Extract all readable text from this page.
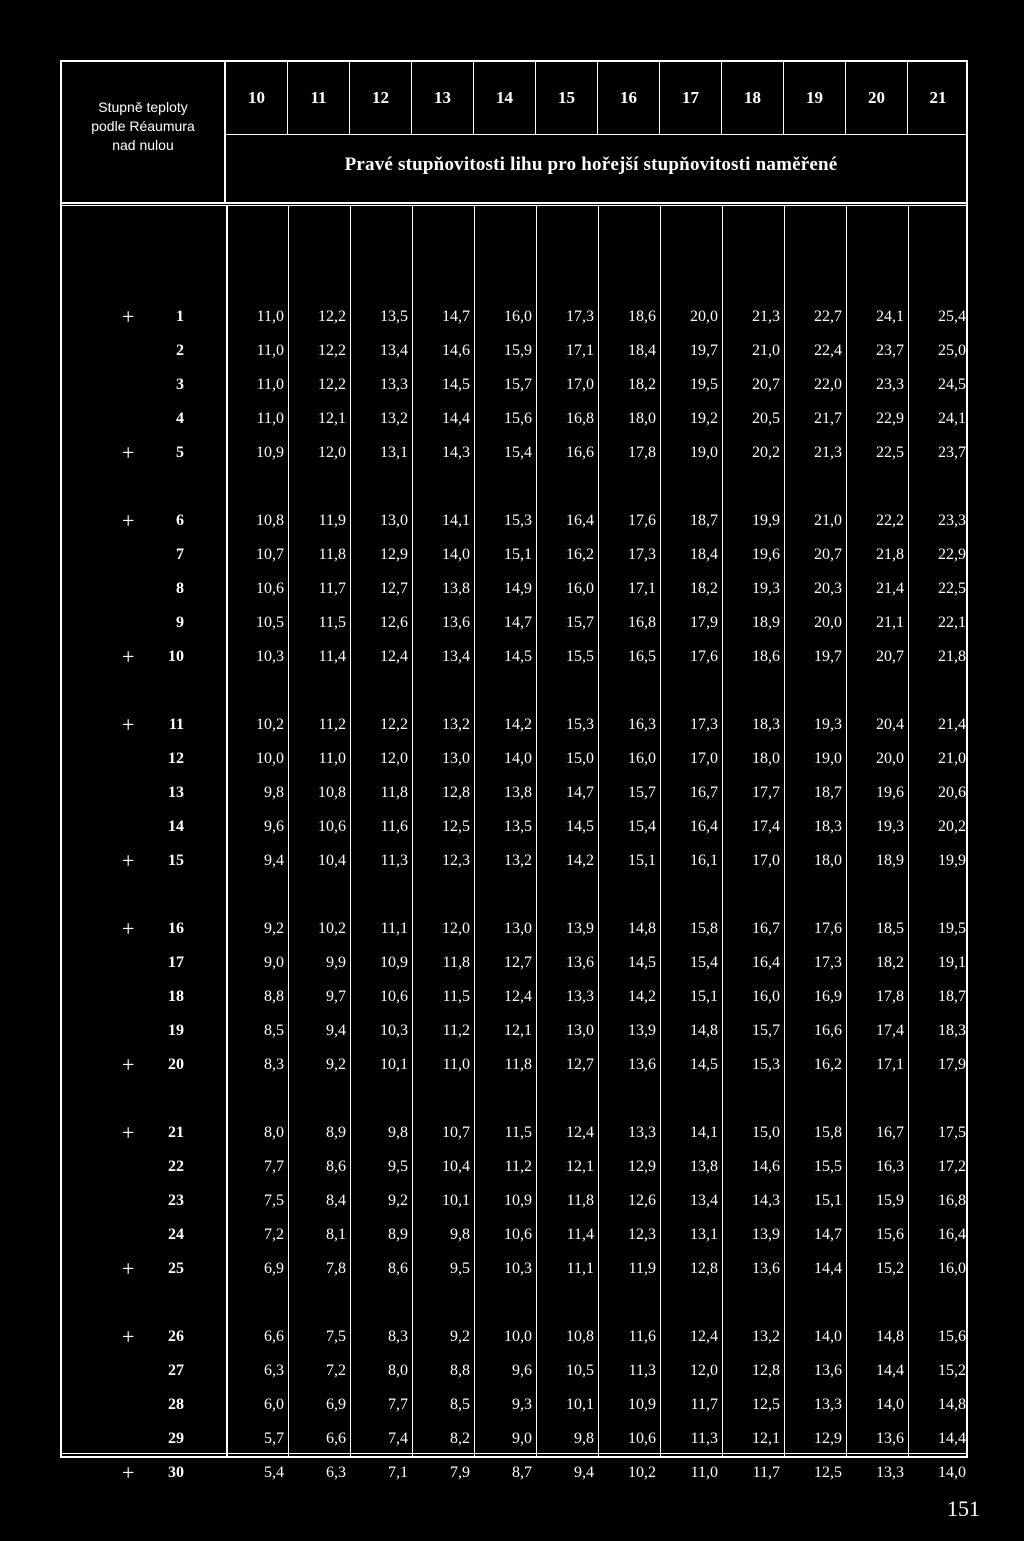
Stupně teploty
podle Réaumura
nad nulou
10	11	12	13	14	15	16	17	18	19	20	21
Pravé stupňovitosti lihu pro hořejší stupňovitosti naměřené
+	1	11,0	12,2	13,5	14,7	16,0	17,3	18,6	20,0	21,3	22,7	24,1	25,4
2	11,0	12,2	13,4	14,6	15,9	17,1	18,4	19,7	21,0	22,4	23,7	25,0
3	11,0	12,2	13,3	14,5	15,7	17,0	18,2	19,5	20,7	22,0	23,3	24,5
4	11,0	12,1	13,2	14,4	15,6	16,8	18,0	19,2	20,5	21,7	22,9	24,1
+	5	10,9	12,0	13,1	14,3	15,4	16,6	17,8	19,0	20,2	21,3	22,5	23,7
+	6	10,8	11,9	13,0	14,1	15,3	16,4	17,6	18,7	19,9	21,0	22,2	23,3
7	10,7	11,8	12,9	14,0	15,1	16,2	17,3	18,4	19,6	20,7	21,8	22,9
8	10,6	11,7	12,7	13,8	14,9	16,0	17,1	18,2	19,3	20,3	21,4	22,5
9	10,5	11,5	12,6	13,6	14,7	15,7	16,8	17,9	18,9	20,0	21,1	22,1
+	10	10,3	11,4	12,4	13,4	14,5	15,5	16,5	17,6	18,6	19,7	20,7	21,8
+	11	10,2	11,2	12,2	13,2	14,2	15,3	16,3	17,3	18,3	19,3	20,4	21,4
12	10,0	11,0	12,0	13,0	14,0	15,0	16,0	17,0	18,0	19,0	20,0	21,0
13	9,8	10,8	11,8	12,8	13,8	14,7	15,7	16,7	17,7	18,7	19,6	20,6
14	9,6	10,6	11,6	12,5	13,5	14,5	15,4	16,4	17,4	18,3	19,3	20,2
+	15	9,4	10,4	11,3	12,3	13,2	14,2	15,1	16,1	17,0	18,0	18,9	19,9
+	16	9,2	10,2	11,1	12,0	13,0	13,9	14,8	15,8	16,7	17,6	18,5	19,5
17	9,0	9,9	10,9	11,8	12,7	13,6	14,5	15,4	16,4	17,3	18,2	19,1
18	8,8	9,7	10,6	11,5	12,4	13,3	14,2	15,1	16,0	16,9	17,8	18,7
19	8,5	9,4	10,3	11,2	12,1	13,0	13,9	14,8	15,7	16,6	17,4	18,3
+	20	8,3	9,2	10,1	11,0	11,8	12,7	13,6	14,5	15,3	16,2	17,1	17,9
+	21	8,0	8,9	9,8	10,7	11,5	12,4	13,3	14,1	15,0	15,8	16,7	17,5
22	7,7	8,6	9,5	10,4	11,2	12,1	12,9	13,8	14,6	15,5	16,3	17,2
23	7,5	8,4	9,2	10,1	10,9	11,8	12,6	13,4	14,3	15,1	15,9	16,8
24	7,2	8,1	8,9	9,8	10,6	11,4	12,3	13,1	13,9	14,7	15,6	16,4
+	25	6,9	7,8	8,6	9,5	10,3	11,1	11,9	12,8	13,6	14,4	15,2	16,0
+	26	6,6	7,5	8,3	9,2	10,0	10,8	11,6	12,4	13,2	14,0	14,8	15,6
27	6,3	7,2	8,0	8,8	9,6	10,5	11,3	12,0	12,8	13,6	14,4	15,2
28	6,0	6,9	7,7	8,5	9,3	10,1	10,9	11,7	12,5	13,3	14,0	14,8
29	5,7	6,6	7,4	8,2	9,0	9,8	10,6	11,3	12,1	12,9	13,6	14,4
+	30	5,4	6,3	7,1	7,9	8,7	9,4	10,2	11,0	11,7	12,5	13,3	14,0
151
